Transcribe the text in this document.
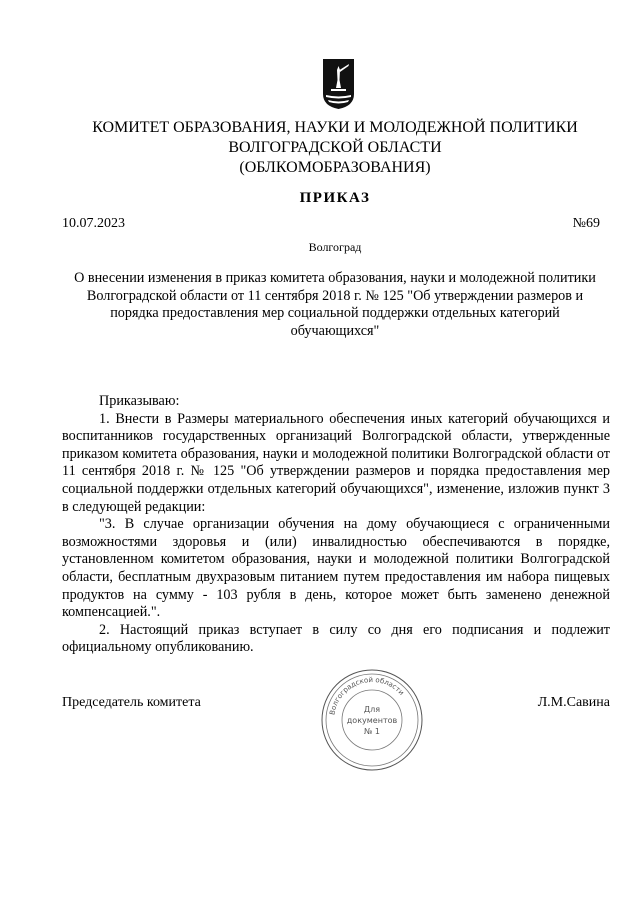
КОМИТЕТ ОБРАЗОВАНИЯ, НАУКИ И МОЛОДЕЖНОЙ ПОЛИТИКИ
ВОЛГОГРАДСКОЙ ОБЛАСТИ
(ОБЛКОМОБРАЗОВАНИЯ)
ПРИКАЗ
10.07.2023	№69
Волгоград
О внесении изменения в приказ комитета образования, науки и молодежной политики Волгоградской области от 11 сентября 2018 г. № 125 "Об утверждении размеров и порядка предоставления мер социальной поддержки отдельных категорий обучающихся"

Приказываю:

1. Внести в Размеры материального обеспечения иных категорий обучающихся и воспитанников государственных организаций Волгоградской области, утвержденные приказом комитета образования, науки и молодежной политики Волгоградской области от 11 сентября 2018 г. № 125 "Об утверждении размеров и порядка предоставления мер социальной поддержки отдельных категорий обучающихся", изменение, изложив пункт 3 в следующей редакции:

"3. В случае организации обучения на дому обучающиеся с ограниченными возможностями здоровья и (или) инвалидностью обеспечиваются в порядке, установленном комитетом образования, науки и молодежной политики Волгоградской области, бесплатным двухразовым питанием путем предоставления им набора пищевых продуктов на сумму - 103 рубля в день, которое может быть заменено денежной компенсацией.".

2. Настоящий приказ вступает в силу со дня его подписания и подлежит официальному опубликованию.

Председатель комитета
Волгоградской области
Для
документов
№ 1
Л.М.Савина
